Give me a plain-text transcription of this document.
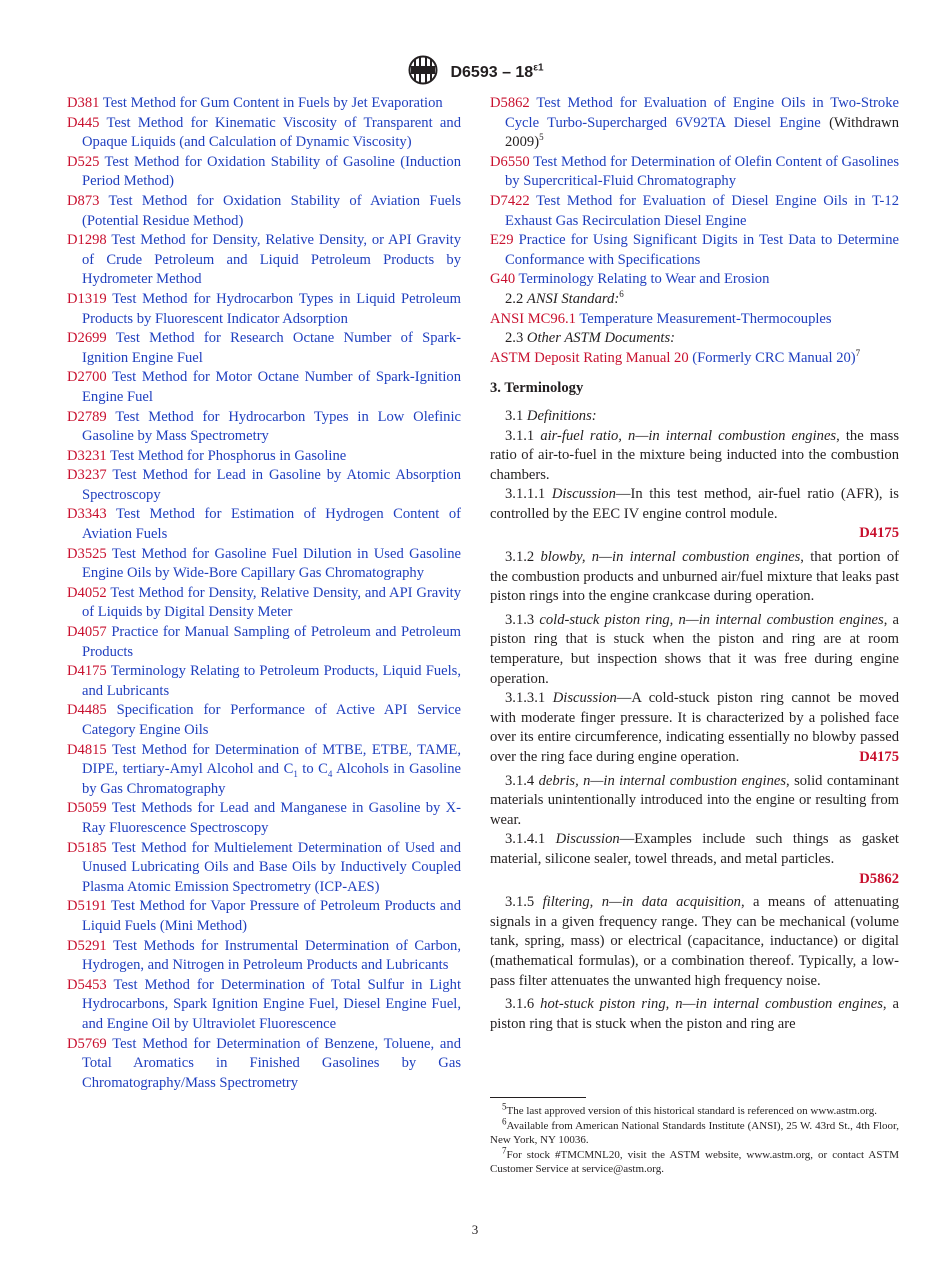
$D6593 - 18^{\varepsilon 1}$
D381 Test Method for Gum Content in Fuels by Jet Evaporation
D445 Test Method for Kinematic Viscosity of Transparent and Opaque Liquids (and Calculation of Dynamic Viscosity)
D525 Test Method for Oxidation Stability of Gasoline (Induction Period Method)
D873 Test Method for Oxidation Stability of Aviation Fuels (Potential Residue Method)
D1298 Test Method for Density, Relative Density, or API Gravity of Crude Petroleum and Liquid Petroleum Products by Hydrometer Method
D1319 Test Method for Hydrocarbon Types in Liquid Petroleum Products by Fluorescent Indicator Adsorption
D2699 Test Method for Research Octane Number of Spark-Ignition Engine Fuel
D2700 Test Method for Motor Octane Number of Spark-Ignition Engine Fuel
D2789 Test Method for Hydrocarbon Types in Low Olefinic Gasoline by Mass Spectrometry
D3231 Test Method for Phosphorus in Gasoline
D3237 Test Method for Lead in Gasoline by Atomic Absorption Spectroscopy
D3343 Test Method for Estimation of Hydrogen Content of Aviation Fuels
D3525 Test Method for Gasoline Fuel Dilution in Used Gasoline Engine Oils by Wide-Bore Capillary Gas Chromatography
D4052 Test Method for Density, Relative Density, and API Gravity of Liquids by Digital Density Meter
D4057 Practice for Manual Sampling of Petroleum and Petroleum Products
D4175 Terminology Relating to Petroleum Products, Liquid Fuels, and Lubricants
D4485 Specification for Performance of Active API Service Category Engine Oils
D4815 Test Method for Determination of MTBE, ETBE, TAME, DIPE, tertiary-Amyl Alcohol and $C_1$ to $C_4$ Alcohols in Gasoline by Gas Chromatography
D5059 Test Methods for Lead and Manganese in Gasoline by X-Ray Fluorescence Spectroscopy
D5185 Test Method for Multielement Determination of Used and Unused Lubricating Oils and Base Oils by Inductively Coupled Plasma Atomic Emission Spectrometry (ICP-AES)
D5191 Test Method for Vapor Pressure of Petroleum Products and Liquid Fuels (Mini Method)
D5291 Test Methods for Instrumental Determination of Carbon, Hydrogen, and Nitrogen in Petroleum Products and Lubricants
D5453 Test Method for Determination of Total Sulfur in Light Hydrocarbons, Spark Ignition Engine Fuel, Diesel Engine Fuel, and Engine Oil by Ultraviolet Fluorescence
D5769 Test Method for Determination of Benzene, Toluene, and Total Aromatics in Finished Gasolines by Gas Chromatography/Mass Spectrometry
D5862 Test Method for Evaluation of Engine Oils in Two-Stroke Cycle Turbo-Supercharged 6V92TA Diesel Engine (Withdrawn 2009)$^5$
D6550 Test Method for Determination of Olefin Content of Gasolines by Supercritical-Fluid Chromatography
D7422 Test Method for Evaluation of Diesel Engine Oils in T-12 Exhaust Gas Recirculation Diesel Engine
E29 Practice for Using Significant Digits in Test Data to Determine Conformance with Specifications
G40 Terminology Relating to Wear and Erosion
2.2 ANSI Standard:$^6$
ANSI MC96.1 Temperature Measurement-Thermocouples
2.3 Other ASTM Documents:
ASTM Deposit Rating Manual 20 (Formerly CRC Manual 20)$^7$
3. Terminology
3.1 Definitions:
3.1.1 air-fuel ratio, n—in internal combustion engines, the mass ratio of air-to-fuel in the mixture being inducted into the combustion chambers.
3.1.1.1 Discussion—In this test method, air-fuel ratio (AFR), is controlled by the EEC IV engine control module.
D4175
3.1.2 blowby, n—in internal combustion engines, that portion of the combustion products and unburned air/fuel mixture that leaks past piston rings into the engine crankcase during operation.
3.1.3 cold-stuck piston ring, n—in internal combustion engines, a piston ring that is stuck when the piston and ring are at room temperature, but inspection shows that it was free during engine operation.
3.1.3.1 Discussion—A cold-stuck piston ring cannot be moved with moderate finger pressure. It is characterized by a polished face over its entire circumference, indicating essentially no blowby passed over the ring face during engine operation.	D4175
3.1.4 debris, n—in internal combustion engines, solid contaminant materials unintentionally introduced into the engine or resulting from wear.
3.1.4.1 Discussion—Examples include such things as gasket material, silicone sealer, towel threads, and metal particles.
D5862
3.1.5 filtering, n—in data acquisition, a means of attenuating signals in a given frequency range. They can be mechanical (volume tank, spring, mass) or electrical (capacitance, inductance) or digital (mathematical formulas), or a combination thereof. Typically, a low-pass filter attenuates the unwanted high frequency noise.
3.1.6 hot-stuck piston ring, n—in internal combustion engines, a piston ring that is stuck when the piston and ring are
$^5$The last approved version of this historical standard is referenced on www.astm.org.
$^6$Available from American National Standards Institute (ANSI), 25 W. 43rd St., 4th Floor, New York, NY 10036.
$^7$For stock #TMCMNL20, visit the ASTM website, www.astm.org, or contact ASTM Customer Service at service@astm.org.
3
